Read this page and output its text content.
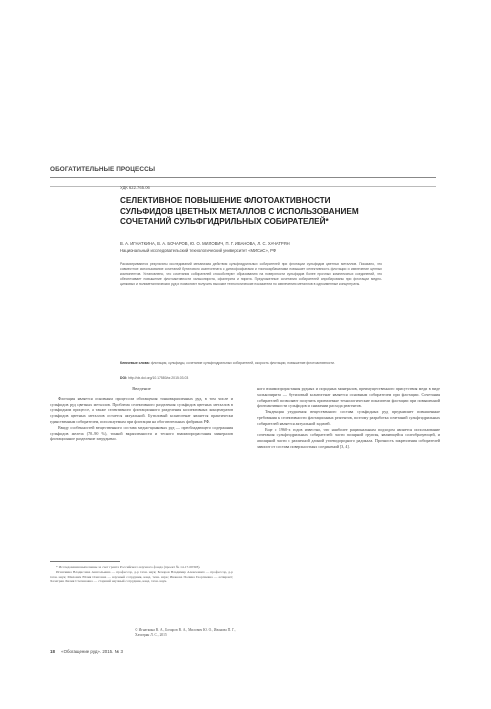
ОБОГАТИТЕЛЬНЫЕ ПРОЦЕССЫ
УДК 622.765.06
СЕЛЕКТИВНОЕ ПОВЫШЕНИЕ ФЛОТОАКТИВНОСТИ СУЛЬФИДОВ ЦВЕТНЫХ МЕТАЛЛОВ С ИСПОЛЬЗОВАНИЕМ СОЧЕТАНИЙ СУЛЬФГИДРИЛЬНЫХ СОБИРАТЕЛЕЙ*
В. А. ИГНАТКИНА, В. А. БОЧАРОВ, Ю. О. МИЛОВИЧ, П. Г. ИВАНОВА, Л. С. ХАЧАТРЯН
Национальный исследовательский технологический университет «МИСиС», РФ
Рассматриваются результаты исследований механизма действия сульфгидрильных собирателей при флотации сульфидов цветных металлов. Показано, что совместное использование сочетаний бутилового ксантогената с дитиофосфатами и тионокарбаматами повышает селективность флотации и извлечение ценных компонентов. Установлено, что сочетания собирателей способствуют образованию на поверхности сульфидов более прочных комплексных соединений, что обеспечивает повышение флотоактивности халькопирита, сфалерита и пирита. Предложенные сочетания собирателей апробированы при флотации медно-цинковых и полиметаллических руд и позволяют получить высокие технологические показатели по извлечению металлов в одноименные концентраты.
Ключевые слова: флотация, сульфиды, сочетание сульфгидрильных собирателей, скорость флотации, повышение флотоактивности.
DOI: http://dx.doi.org/10.17580/or.2015.03.03
Введение

Флотация является основным процессом обогащения тонковкрапленных руд, в том числе и сульфидов руд цветных металлов. Проблема селективного разделения сульфидов цветных металлов в сульфидном процессе, а также селективного флотационного разделения коллективных концентратов сульфидов цветных металлов остается актуальной. Бутиловый ксантогенат является практически единственным собирателем, используемым при флотации на обогатительных фабриках РФ.

Ввиду особенностей вещественного состава медно-цинковых руд — преобладающего содержания сульфидов железа (70–90 %), тонкой вкрапленности и тесного взаимопрорастания минералов флотационное разделение затруднено.

ного взаимопрорастания рудных и породных минералов, преимущественного присутствия меди в виде халькопирита — бутиловый ксантогенат является основным собирателем при флотации. Сочетания собирателей позволяют получить приемлемые технологические показатели флотации при повышенной флотоактивности сульфидов и снижении расхода реагентов.

Тенденция ухудшения вещественного состава сульфидных руд предъявляет повышенные требования к селективности флотационных реагентов, поэтому разработка сочетаний сульфгидрильных собирателей является актуальной задачей.

Еще с 1960-х годов известно, что наиболее рациональным подходом является использование сочетания сульфгидрильных собирателей: части полярной группы, являющейся солеобразующей, и аполярной части с различной длиной углеводородного радикала. Прочность закрепления собирателей зависит от состава поверхностных соединений [3, 4].

* Исследования выполнены за счет гранта Российского научного фонда (проект № 14-17-00393).

Игнаткина Владислава Анатольевна — профессор, д-р техн. наук; Бочаров Владимир Алексеевич — профессор, д-р техн. наук; Милович Юлия Олеговна — научный сотрудник, канд. техн. наук; Иванова Полина Георгиевна — аспирант; Хачатрян Лилия Степановна — старший научный сотрудник, канд. техн. наук.

© Игнаткина В. А., Бочаров В. А., Милович Ю. О., Иванова П. Г., Хачатрян Л. С., 2015
18 «Обогащение руд». 2015. № 3
